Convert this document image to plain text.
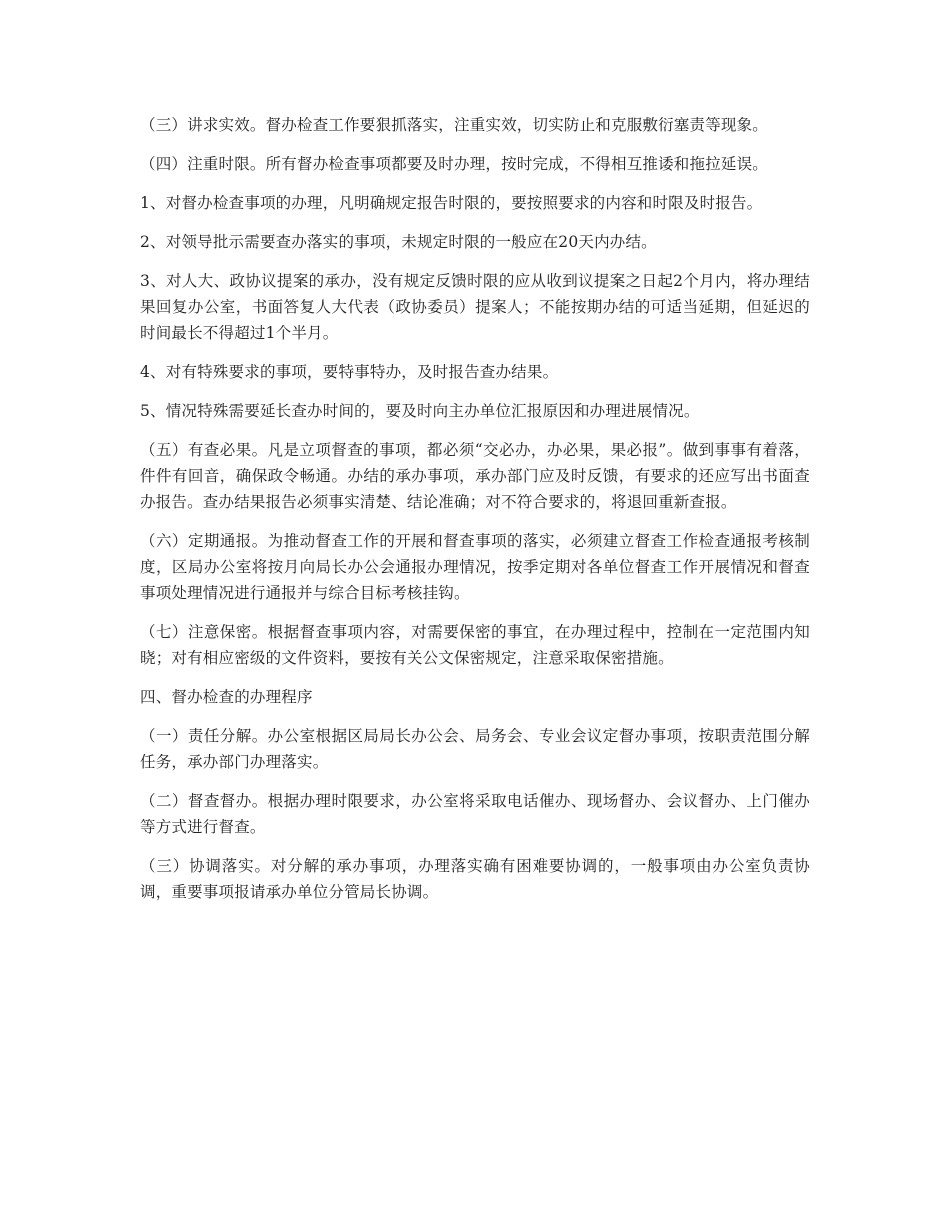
（三）讲求实效。督办检查工作要狠抓落实，注重实效，切实防止和克服敷衍塞责等现象。

（四）注重时限。所有督办检查事项都要及时办理，按时完成，不得相互推诿和拖拉延误。

1、对督办检查事项的办理，凡明确规定报告时限的，要按照要求的内容和时限及时报告。

2、对领导批示需要查办落实的事项，未规定时限的一般应在20天内办结。

3、对人大、政协议提案的承办，没有规定反馈时限的应从收到议提案之日起2个月内，将办理结果回复办公室，书面答复人大代表（政协委员）提案人；不能按期办结的可适当延期，但延迟的时间最长不得超过1个半月。

4、对有特殊要求的事项，要特事特办，及时报告查办结果。

5、情况特殊需要延长查办时间的，要及时向主办单位汇报原因和办理进展情况。

（五）有查必果。凡是立项督查的事项，都必须“交必办，办必果，果必报”。做到事事有着落，件件有回音，确保政令畅通。办结的承办事项，承办部门应及时反馈，有要求的还应写出书面查办报告。查办结果报告必须事实清楚、结论准确；对不符合要求的，将退回重新查报。

（六）定期通报。为推动督查工作的开展和督查事项的落实，必须建立督查工作检查通报考核制度，区局办公室将按月向局长办公会通报办理情况，按季定期对各单位督查工作开展情况和督查事项处理情况进行通报并与综合目标考核挂钩。

（七）注意保密。根据督查事项内容，对需要保密的事宜，在办理过程中，控制在一定范围内知晓；对有相应密级的文件资料，要按有关公文保密规定，注意采取保密措施。

四、督办检查的办理程序

（一）责任分解。办公室根据区局局长办公会、局务会、专业会议定督办事项，按职责范围分解任务，承办部门办理落实。

（二）督查督办。根据办理时限要求，办公室将采取电话催办、现场督办、会议督办、上门催办等方式进行督查。

（三）协调落实。对分解的承办事项，办理落实确有困难要协调的，一般事项由办公室负责协调，重要事项报请承办单位分管局长协调。
